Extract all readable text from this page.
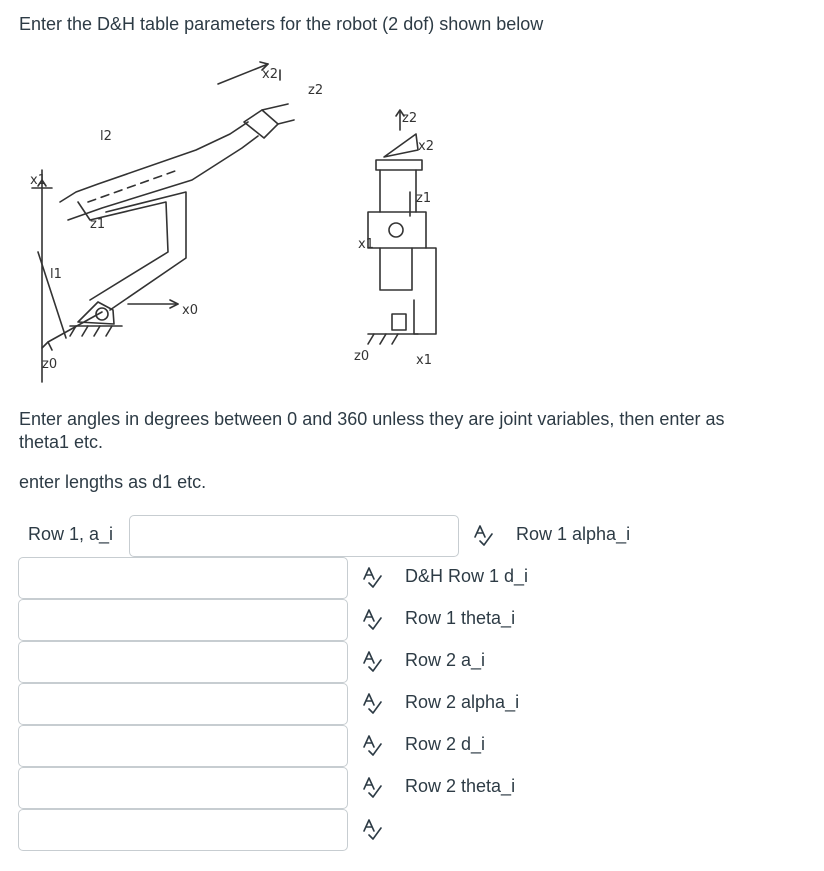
Enter the D&H table parameters for the robot (2 dof) shown below
l2
x1
z1
l1
x0
z0
x2
z2
z2
x2
z1
x1
z0	x1
Enter angles in degrees between 0 and 360 unless they are joint variables, then enter as theta1 etc.
enter lengths as d1 etc.
Row 1, a_i	Row 1 alpha_i
D&H Row 1 d_i
Row 1 theta_i
Row 2 a_i
Row 2 alpha_i
Row 2 d_i
Row 2 theta_i
